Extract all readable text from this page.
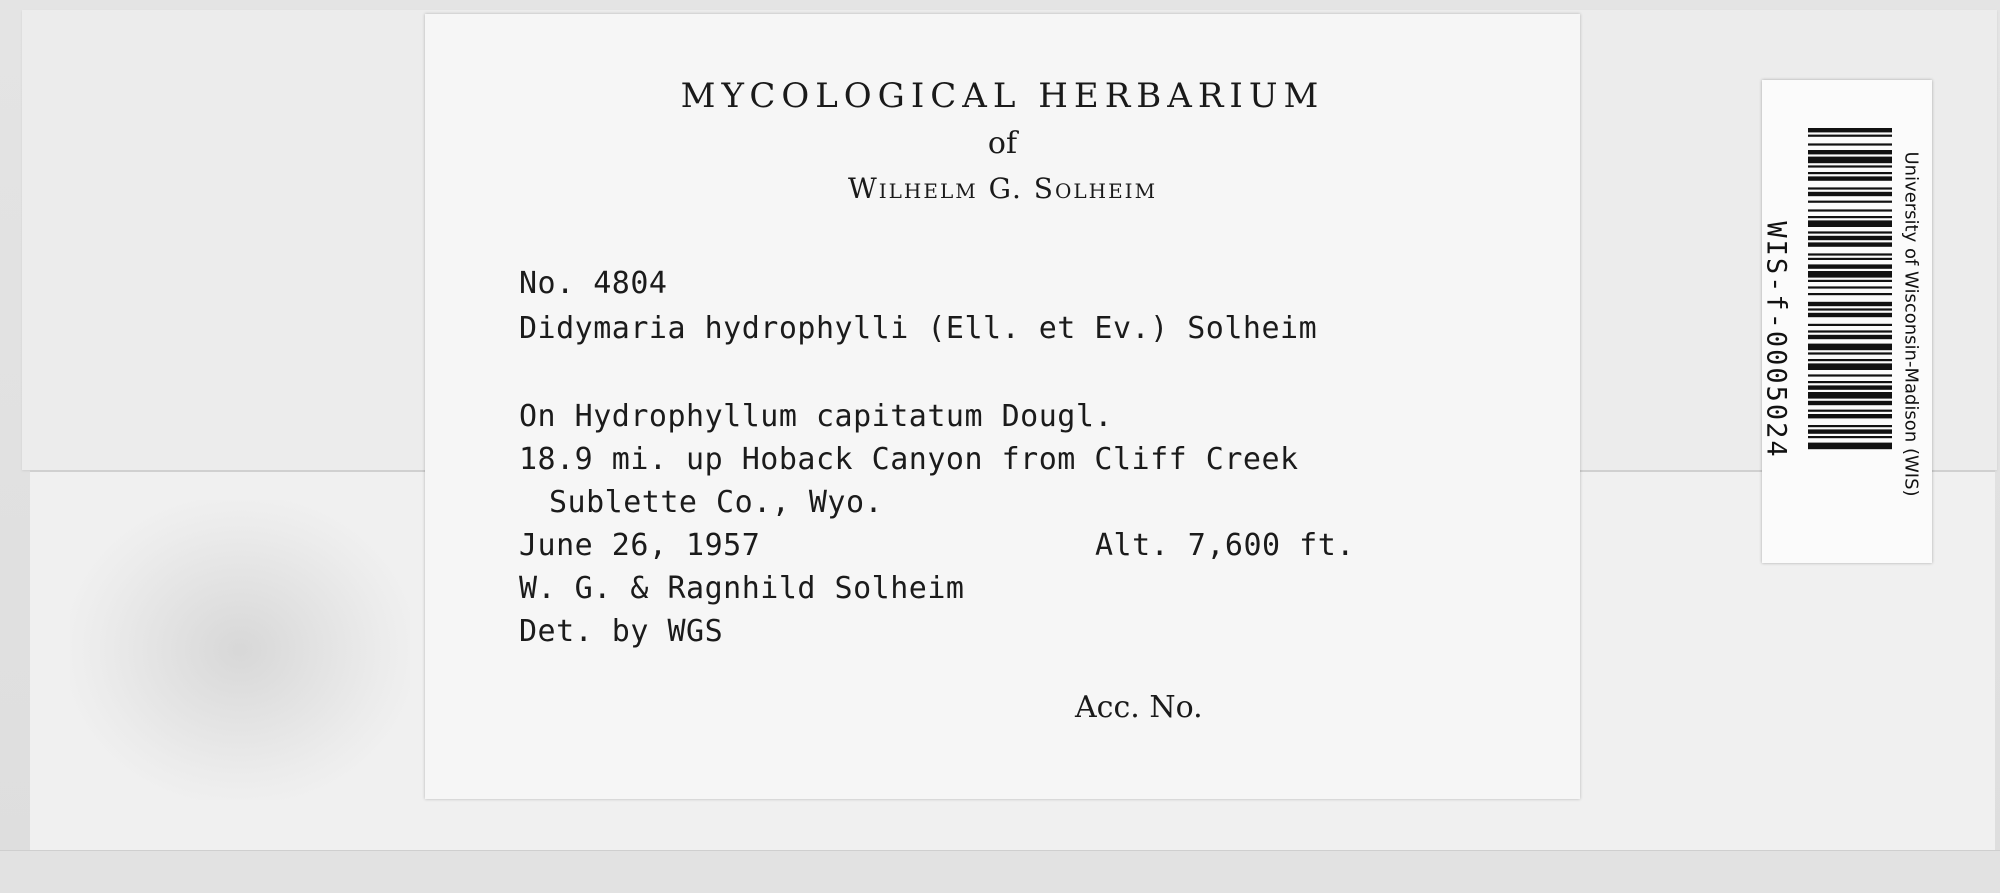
MYCOLOGICAL HERBARIUM
of
Wilhelm G. Solheim
No. 4804
Didymaria hydrophylli (Ell. et Ev.) Solheim
On Hydrophyllum capitatum Dougl.
18.9 mi. up Hoback Canyon from Cliff Creek
Sublette Co., Wyo.
June 26, 1957	Alt. 7,600 ft.
W. G. & Ragnhild Solheim
Det. by WGS
Acc. No.
WIS-f-0005024	University of Wisconsin-Madison (WIS)
